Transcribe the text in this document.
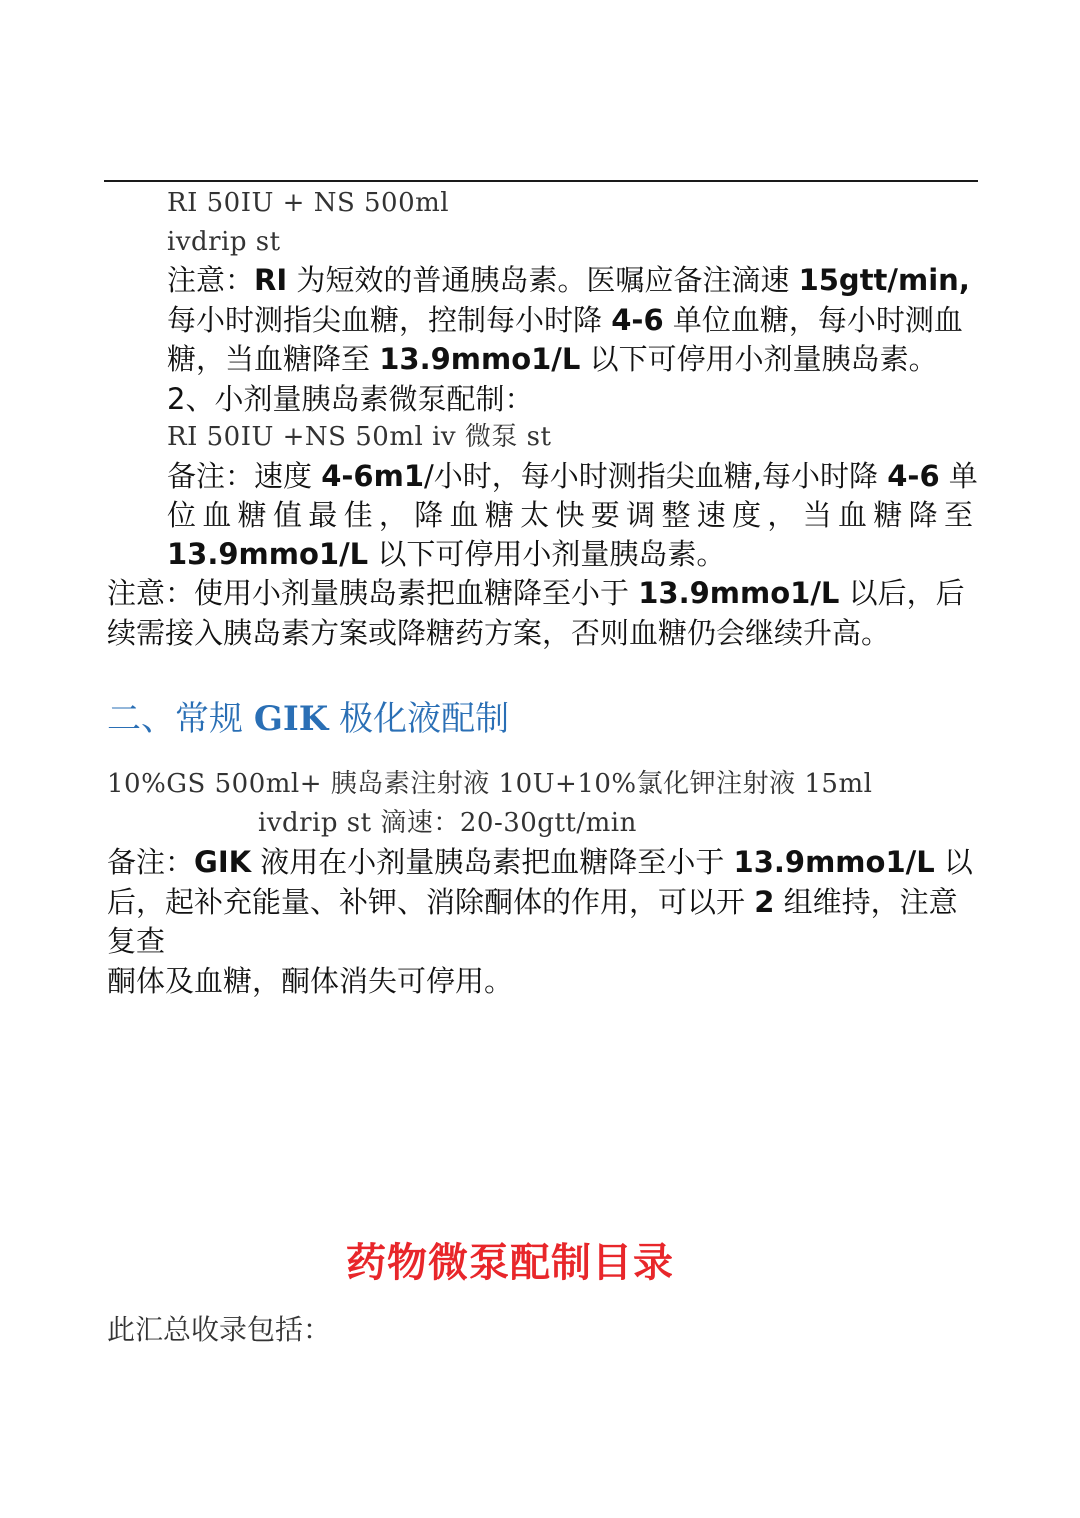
RI 50IU + NS 500ml
ivdrip st
注意：RI 为短效的普通胰岛素。医嘱应备注滴速 15gtt/min,
每小时测指尖血糖，控制每小时降 4-6 单位血糖，每小时测血
糖，当血糖降至 13.9mmo1/L 以下可停用小剂量胰岛素。
2、小剂量胰岛素微泵配制：
RI 50IU +NS 50ml iv 微泵 st
备注：速度 4-6m1/小时，每小时测指尖血糖,每小时降 4-6 单
位血糖值最佳，降血糖太快要调整速度，当血糖降至
13.9mmo1/L 以下可停用小剂量胰岛素。
注意：使用小剂量胰岛素把血糖降至小于 13.9mmo1/L 以后，后
续需接入胰岛素方案或降糖药方案，否则血糖仍会继续升高。
二、常规 GIK 极化液配制
10%GS 500ml+ 胰岛素注射液 10U+10%氯化钾注射液 15ml
ivdrip st 滴速：20-30gtt/min
备注：GIK 液用在小剂量胰岛素把血糖降至小于 13.9mmo1/L 以
后，起补充能量、补钾、消除酮体的作用，可以开 2 组维持，注意
复查
酮体及血糖，酮体消失可停用。
药物微泵配制目录
此汇总收录包括：
